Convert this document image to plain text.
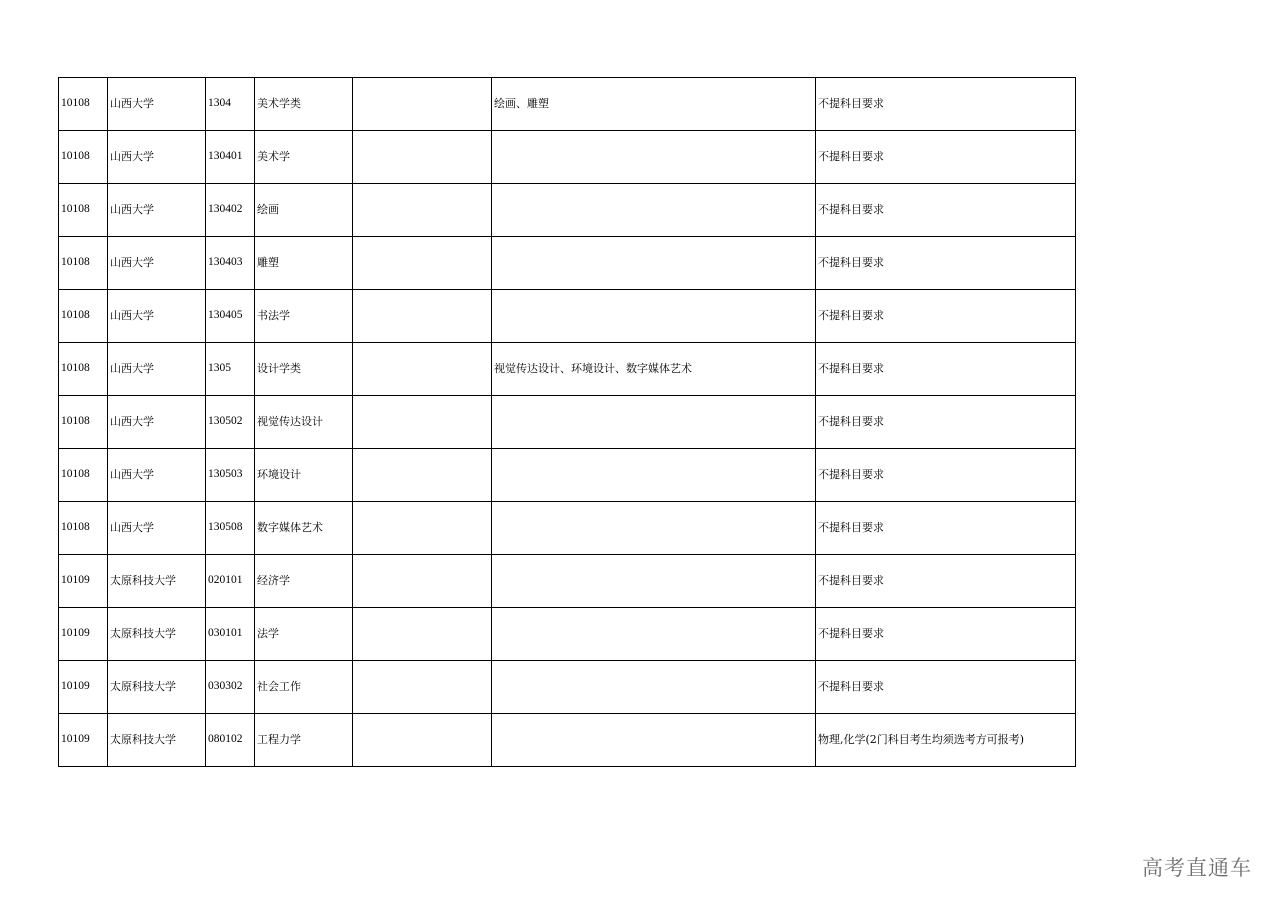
10108	山西大学	1304	美术学类		绘画、雕塑	不提科目要求
10108	山西大学	130401	美术学			不提科目要求
10108	山西大学	130402	绘画			不提科目要求
10108	山西大学	130403	雕塑			不提科目要求
10108	山西大学	130405	书法学			不提科目要求
10108	山西大学	1305	设计学类		视觉传达设计、环境设计、数字媒体艺术	不提科目要求
10108	山西大学	130502	视觉传达设计			不提科目要求
10108	山西大学	130503	环境设计			不提科目要求
10108	山西大学	130508	数字媒体艺术			不提科目要求
10109	太原科技大学	020101	经济学			不提科目要求
10109	太原科技大学	030101	法学			不提科目要求
10109	太原科技大学	030302	社会工作			不提科目要求
10109	太原科技大学	080102	工程力学			物理,化学(2门科目考生均须选考方可报考)
高考直通车
